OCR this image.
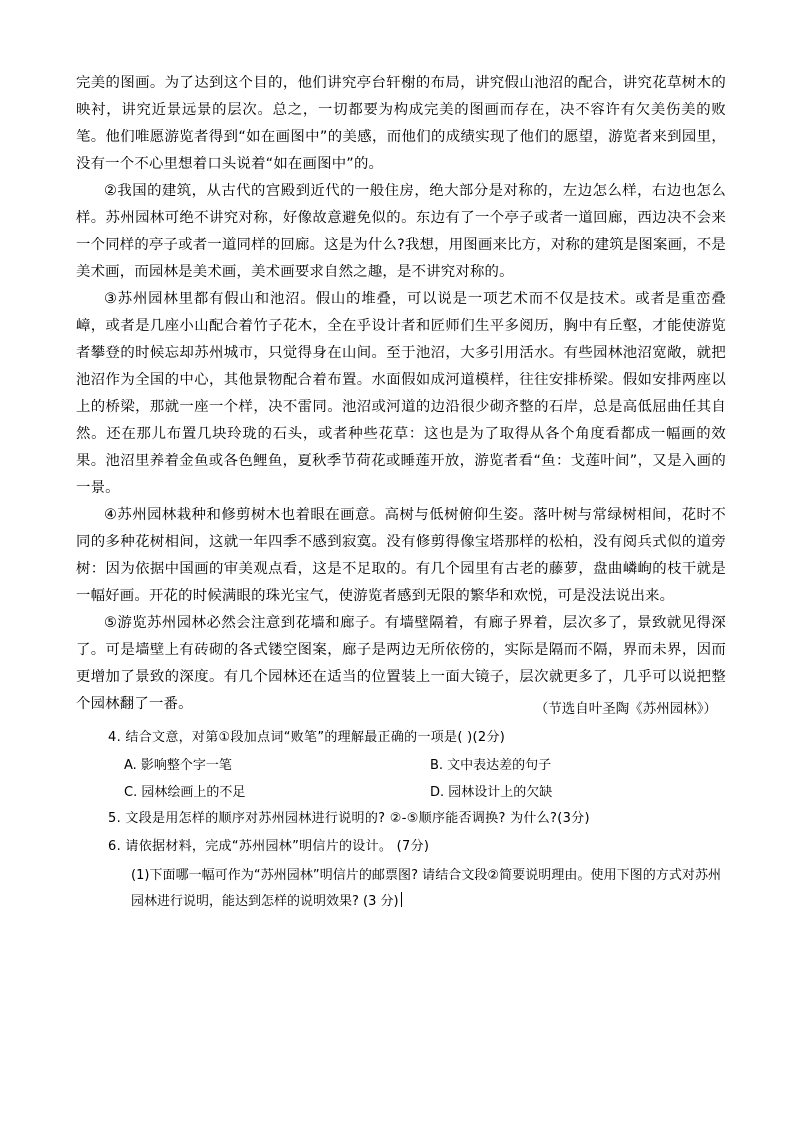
完美的图画。为了达到这个目的，他们讲究亭台轩榭的布局，讲究假山池沼的配合，讲究花草树木的映衬，讲究近景远景的层次。总之，一切都要为构成完美的图画而存在，决不容许有欠美伤美的败笔。他们唯愿游览者得到“如在画图中”的美感，而他们的成绩实现了他们的愿望，游览者来到园里，没有一个不心里想着口头说着“如在画图中”的。

②我国的建筑，从古代的宫殿到近代的一般住房，绝大部分是对称的，左边怎么样，右边也怎么样。苏州园林可绝不讲究对称，好像故意避免似的。东边有了一个亭子或者一道回廊，西边决不会来一个同样的亭子或者一道同样的回廊。这是为什么?我想，用图画来比方，对称的建筑是图案画，不是美术画，而园林是美术画，美术画要求自然之趣，是不讲究对称的。

③苏州园林里都有假山和池沼。假山的堆叠，可以说是一项艺术而不仅是技术。或者是重峦叠嶂，或者是几座小山配合着竹子花木，全在乎设计者和匠师们生平多阅历，胸中有丘壑，才能使游览者攀登的时候忘却苏州城市，只觉得身在山间。至于池沼，大多引用活水。有些园林池沼宽敞，就把池沼作为全国的中心，其他景物配合着布置。水面假如成河道模样，往往安排桥梁。假如安排两座以上的桥梁，那就一座一个样，决不雷同。池沼或河道的边沿很少砌齐整的石岸，总是高低屈曲任其自然。还在那儿布置几块玲珑的石头，或者种些花草：这也是为了取得从各个角度看都成一幅画的效果。池沼里养着金鱼或各色鲤鱼，夏秋季节荷花或睡莲开放，游览者看“鱼：戈莲叶间”，又是入画的一景。

④苏州园林栽种和修剪树木也着眼在画意。高树与低树俯仰生姿。落叶树与常绿树相间，花时不同的多种花树相间，这就一年四季不感到寂寞。没有修剪得像宝塔那样的松柏，没有阅兵式似的道旁树：因为依据中国画的审美观点看，这是不足取的。有几个园里有古老的藤萝，盘曲嶙峋的枝干就是一幅好画。开花的时候满眼的珠光宝气，使游览者感到无限的繁华和欢悦，可是没法说出来。

⑤游览苏州园林必然会注意到花墙和廊子。有墙壁隔着，有廊子界着，层次多了，景致就见得深了。可是墙壁上有砖砌的各式镂空图案，廊子是两边无所依傍的，实际是隔而不隔，界而未界，因而更增加了景致的深度。有几个园林还在适当的位置装上一面大镜子，层次就更多了，几乎可以说把整个园林翻了一番。	（节选自叶圣陶《苏州园林》）
4. 结合文意，对第①段加点词“败笔”的理解最正确的一项是( )(2分)
A. 影响整个字一笔	B. 文中表达差的句子
C. 园林绘画上的不足	D. 园林设计上的欠缺
5. 文段是用怎样的顺序对苏州园林进行说明的? ②-⑤顺序能否调换? 为什么?(3分)
6. 请依据材料，完成“苏州园林”明信片的设计。 (7分)
(1)下面哪一幅可作为“苏州园林”明信片的邮票图? 请结合文段②简要说明理由。使用下图的方式对苏州园林进行说明，能达到怎样的说明效果? (3 分)
